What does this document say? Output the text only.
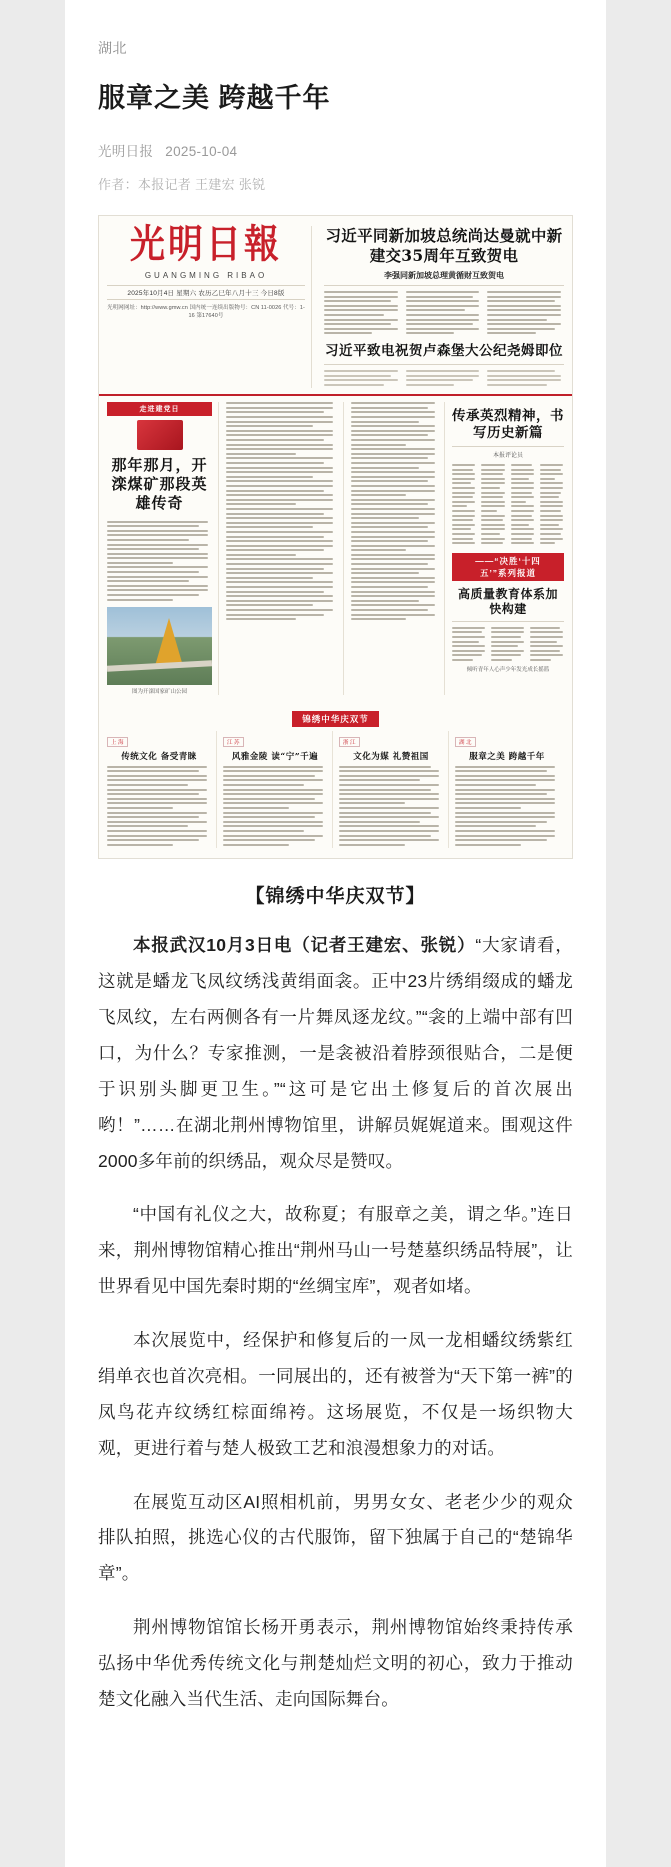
湖北
服章之美 跨越千年
光明日报 2025-10-04
作者：本报记者 王建宏 张锐
光明日報
GUANGMING RIBAO
2025年10月4日 星期六 农历乙巳年八月十三 今日8版
光明网网址：http://www.gmw.cn 国内统一连续出版物号：CN 11-0026 代号：1-16 第1764​0号
习近平同新加坡总统尚达曼就中新建交35周年互致贺电
李强同新加坡总理黄循财互致贺电
习近平致电祝贺卢森堡大公纪尧姆即位
走进建党日
那年那月，开滦煤矿那段英雄传奇
图为开滦国家矿山公园
传承英烈精神，书写历史新篇
本报评论员
——“决胜‘十四五’”系列报道
高质量教育体系加快构建
倾听青年人心声少年发光成长摇篮
锦绣中华庆双节
上 海
传统文化 备受青睐
江 苏
风雅金陵 读“宁”千遍
浙 江
文化为媒 礼赞祖国
湖 北
服章之美 跨越千年
【锦绣中华庆双节】

本报武汉10月3日电（记者王建宏、张锐）“大家请看，这就是蟠龙飞凤纹绣浅黄绢面衾。正中23片绣绢缀成的蟠龙飞凤纹，左右两侧各有一片舞凤逐龙纹。”“衾的上端中部有凹口，为什么？专家推测，一是衾被沿着脖颈很贴合，二是便于识别头脚更卫生。”“这可是它出土修复后的首次展出哟！”……在湖北荆州博物馆里，讲解员娓娓道来。围观这件2000多年前的织绣品，观众尽是赞叹。

“中国有礼仪之大，故称夏；有服章之美，谓之华。”连日来，荆州博物馆精心推出“荆州马山一号楚墓织绣品特展”，让世界看见中国先秦时期的“丝绸宝库”，观者如堵。

本次展览中，经保护和修复后的一凤一龙相蟠纹绣紫红绢单衣也首次亮相。一同展出的，还有被誉为“天下第一裤”的凤鸟花卉纹绣红棕面绵袴。这场展览，不仅是一场织物大观，更进行着与楚人极致工艺和浪漫想象力的对话。

在展览互动区AI照相机前，男男女女、老老少少的观众排队拍照，挑选心仪的古代服饰，留下独属于自己的“楚锦华章”。

荆州博物馆馆长杨开勇表示，荆州博物馆始终秉持传承弘扬中华优秀传统文化与荆楚灿烂文明的初心，致力于推动楚文化融入当代生活、走向国际舞台。
